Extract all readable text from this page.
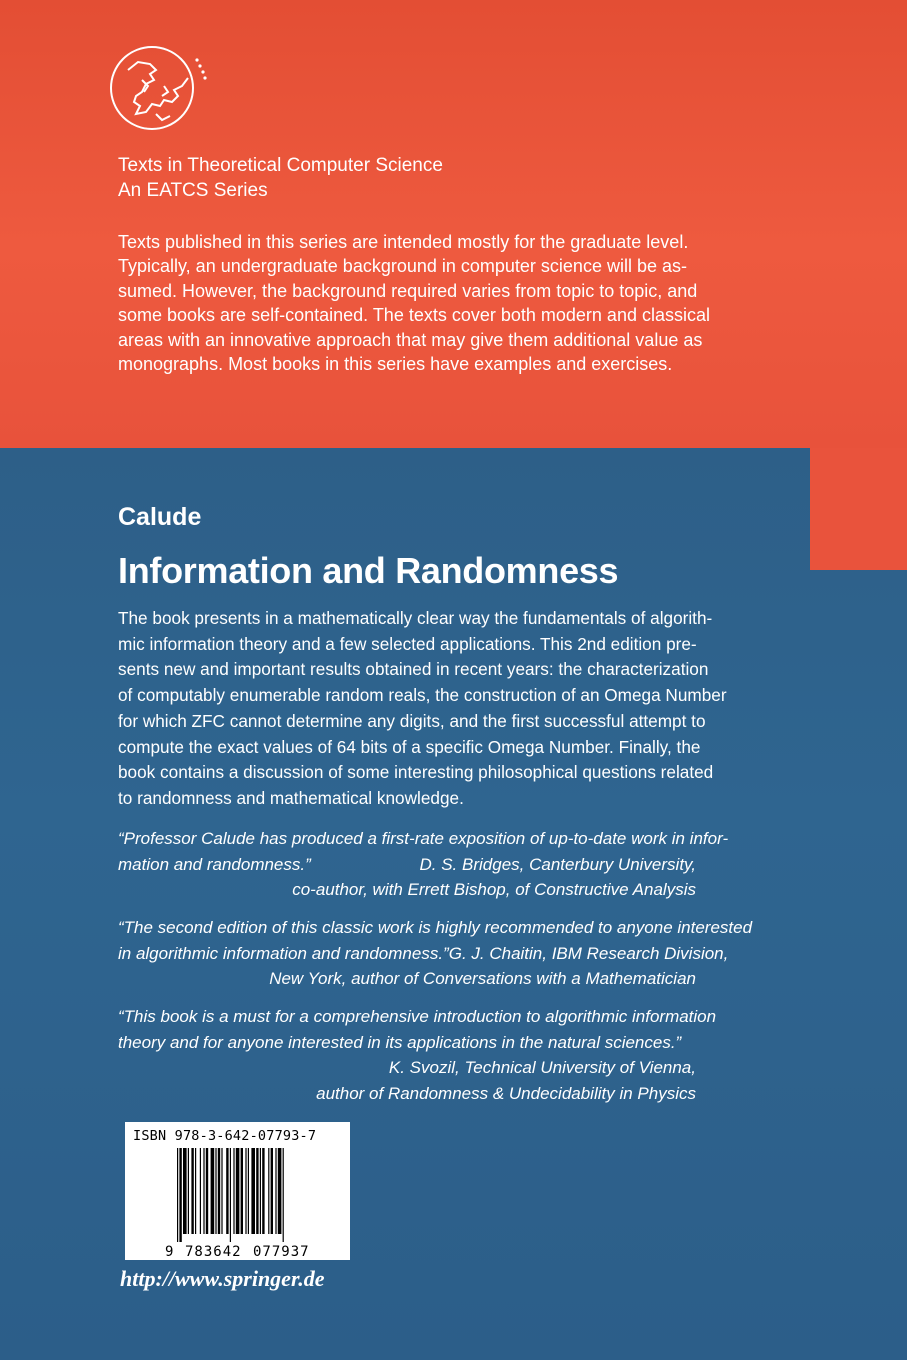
Texts in Theoretical Computer Science
An EATCS Series
Texts published in this series are intended mostly for the graduate level.
Typically, an undergraduate background in computer science will be as-
sumed. However, the background required varies from topic to topic, and
some books are self-contained. The texts cover both modern and classical
areas with an innovative approach that may give them additional value as
monographs. Most books in this series have examples and exercises.
Calude
Information and Randomness
The book presents in a mathematically clear way the fundamentals of algorith-
mic information theory and a few selected applications. This 2nd edition pre-
sents new and important results obtained in recent years: the characterization
of computably enumerable random reals, the construction of an Omega Number
for which ZFC cannot determine any digits, and the first successful attempt to
compute the exact values of 64 bits of a specific Omega Number. Finally, the
book contains a discussion of some interesting philosophical questions related
to randomness and mathematical knowledge.
“Professor Calude has produced a first-rate exposition of up-to-date work in infor-
mation and randomness.”	D. S. Bridges, Canterbury University,
co-author, with Errett Bishop, of Constructive Analysis
“The second edition of this classic work is highly recommended to anyone interested
in algorithmic information and randomness.” G. J. Chaitin, IBM Research Division,
New York, author of Conversations with a Mathematician
“This book is a must for a comprehensive introduction to algorithmic information
theory and for anyone interested in its applications in the natural sciences.”
K. Svozil, Technical University of Vienna,
author of Randomness & Undecidability in Physics
ISBN 978-3-642-07793-7
9 783642 077937
http://www.springer.de
